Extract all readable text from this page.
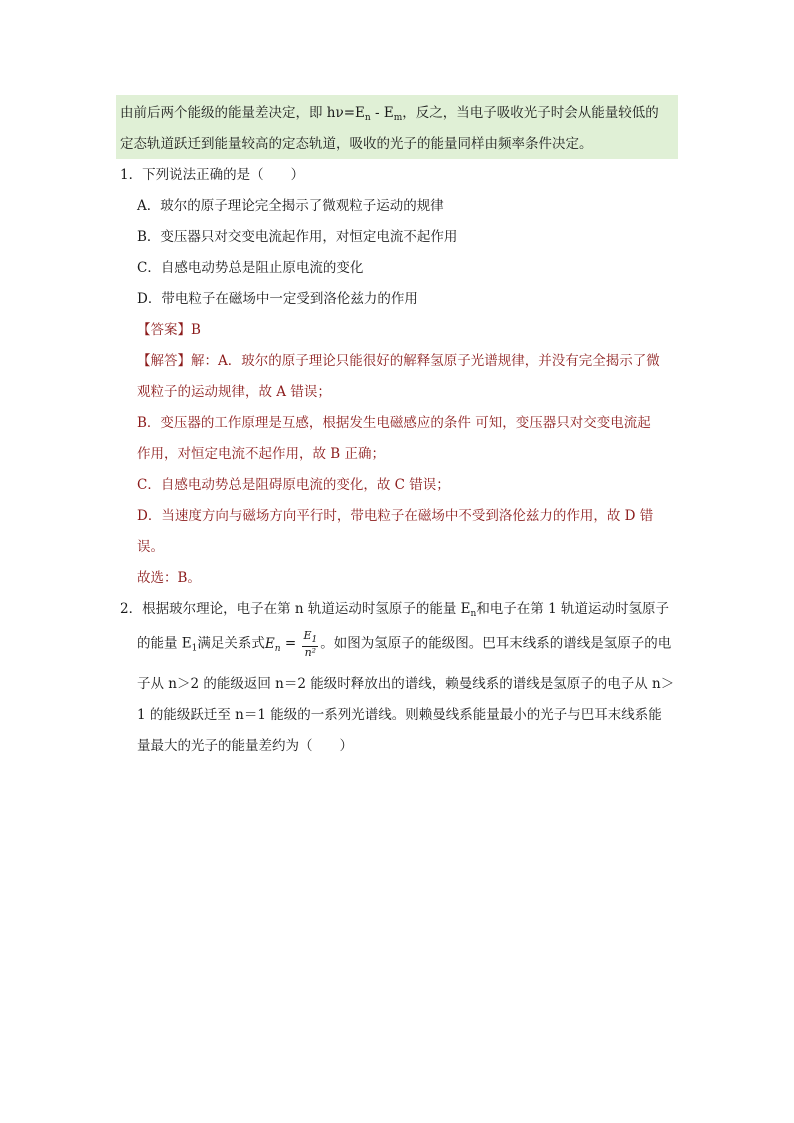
由前后两个能级的能量差决定，即 $h\nu=E_n - E_m$，反之，当电子吸收光子时会从能量较低的
定态轨道跃迁到能量较高的定态轨道，吸收的光子的能量同样由频率条件决定。
1．下列说法正确的是（　　）
A．玻尔的原子理论完全揭示了微观粒子运动的规律
B．变压器只对交变电流起作用，对恒定电流不起作用
C．自感电动势总是阻止原电流的变化
D．带电粒子在磁场中一定受到洛伦兹力的作用
【答案】B
【解答】解：A．玻尔的原子理论只能很好的解释氢原子光谱规律，并没有完全揭示了微
观粒子的运动规律，故 A 错误；
B．变压器的工作原理是互感，根据发生电磁感应的条件 可知，变压器只对交变电流起
作用，对恒定电流不起作用，故 B 正确；
C．自感电动势总是阻碍原电流的变化，故 C 错误；
D．当速度方向与磁场方向平行时，带电粒子在磁场中不受到洛伦兹力的作用，故 D 错
误。
故选：B。
2．根据玻尔理论，电子在第 n 轨道运动时氢原子的能量 $E_n$和电子在第 1 轨道运动时氢原子
的能量 $E_1$满足关系式$E_n = \frac{E_1}{\text{n²}}$ 。如图为氢原子的能级图。巴耳末线系的谱线是氢原子的电
子从 n＞2 的能级返回 n＝2 能级时释放出的谱线，赖曼线系的谱线是氢原子的电子从 n＞
1 的能级跃迁至 n＝1 能级的一系列光谱线。则赖曼线系能量最小的光子与巴耳末线系能
量最大的光子的能量差约为（　　）
